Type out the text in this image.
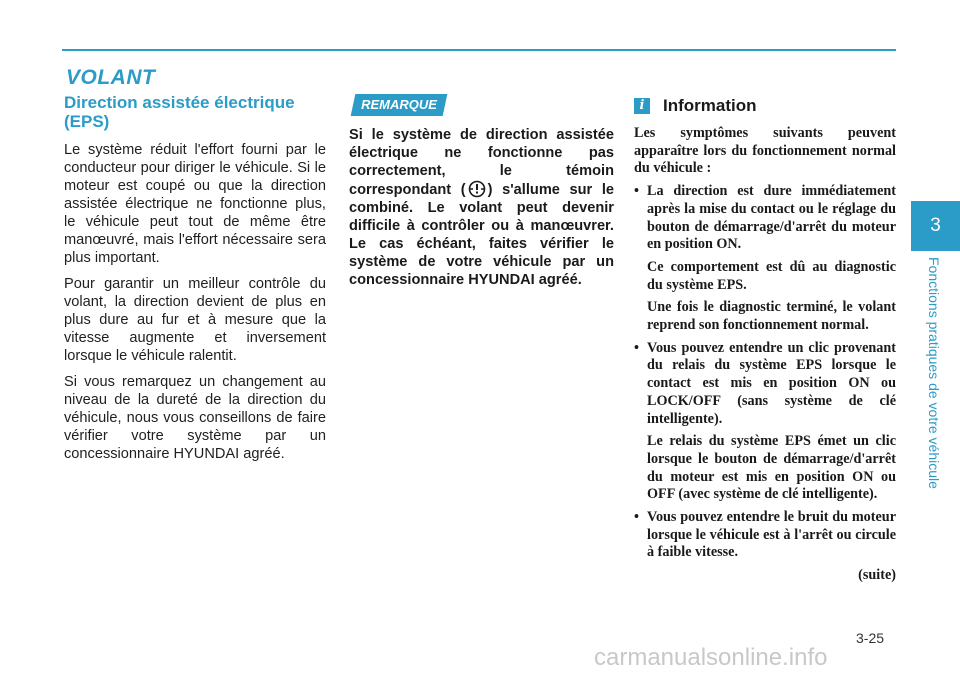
VOLANT
Direction assistée électrique (EPS)

Le système réduit l'effort fourni par le conducteur pour diriger le véhicule. Si le moteur est coupé ou que la direction assistée électrique ne fonctionne plus, le véhicule peut tout de même être manœuvré, mais l'effort nécessaire sera plus important.

Pour garantir un meilleur contrôle du volant, la direction devient de plus en plus dure au fur et à mesure que la vitesse augmente et inversement lorsque le véhicule ralentit.

Si vous remarquez un changement au niveau de la dureté de la direction du véhicule, nous vous conseillons de faire vérifier votre système par un concessionnaire HYUNDAI agréé.

REMARQUE

Si le système de direction assistée électrique ne fonctionne pas correctement, le témoin correspondant ( ) s'allume sur le combiné. Le volant peut devenir difficile à contrôler ou à manœuvrer. Le cas échéant, faites vérifier le système de votre véhicule par un concessionnaire HYUNDAI agréé.

i	Information
Les symptômes suivants peuvent apparaître lors du fonctionnement normal du véhicule :
• La direction est dure immédiatement après la mise du contact ou le réglage du bouton de démarrage/d'arrêt du moteur en position ON.
Ce comportement est dû au diagnostic du système EPS.
Une fois le diagnostic terminé, le volant reprend son fonctionnement normal.
• Vous pouvez entendre un clic provenant du relais du système EPS lorsque le contact est mis en position ON ou LOCK/OFF (sans système de clé intelligente).
Le relais du système EPS émet un clic lorsque le bouton de démarrage/d'arrêt du moteur est mis en position ON ou OFF (avec système de clé intelligente).
• Vous pouvez entendre le bruit du moteur lorsque le véhicule est à l'arrêt ou circule à faible vitesse.
(suite)
3
Fonctions pratiques de votre véhicule
3-25
carmanualsonline.info
